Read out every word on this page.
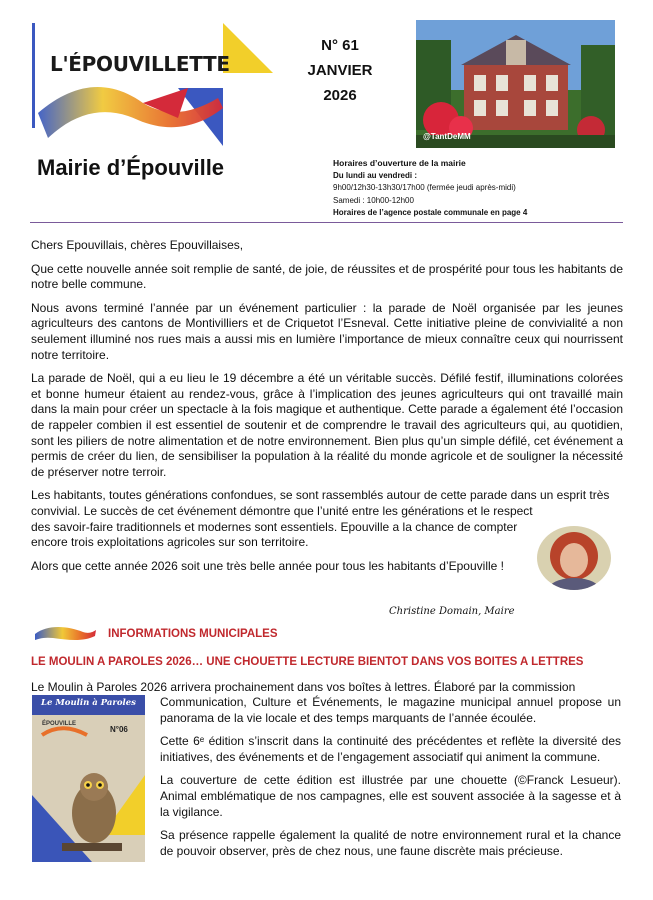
L'ÉPOUVILLETTE
N° 61
JANVIER
2026
@TantDeMM
Mairie d’Épouville	Horaires d’ouverture de la mairie
Du lundi au vendredi :
9h00/12h30-13h30/17h00 (fermée jeudi après-midi)
Samedi : 10h00-12h00
Horaires de l’agence postale communale en page 4

Chers Epouvillais, chères Epouvillaises,

Que cette nouvelle année soit remplie de santé, de joie, de réussites et de prospérité pour tous les habitants de notre belle commune.

Nous avons terminé l’année par un événement particulier : la parade de Noël organisée par les jeunes agriculteurs des cantons de Montivilliers et de Criquetot l’Esneval. Cette initiative pleine de convivialité a non seulement illuminé nos rues mais a aussi mis en lumière l’importance de mieux connaître ceux qui nourrissent notre territoire.

La parade de Noël, qui a eu lieu le 19 décembre a été un véritable succès. Défilé festif, illuminations colorées et bonne humeur étaient au rendez-vous, grâce à l’implication des jeunes agriculteurs qui ont travaillé main dans la main pour créer un spectacle à la fois magique et authentique. Cette parade a également été l’occasion de rappeler combien il est essentiel de soutenir et de comprendre le travail des agriculteurs qui, au quotidien, sont les piliers de notre alimentation et de notre environnement. Bien plus qu’un simple défilé, cet événement a permis de créer du lien, de sensibiliser la population à la réalité du monde agricole et de souligner la nécessité de préserver notre terroir.

Les habitants, toutes générations confondues, se sont rassemblés autour de cette parade dans un esprit très
convivial. Le succès de cet événement démontre que l’unité entre les générations et le respect
des savoir-faire traditionnels et modernes sont essentiels. Epouville a la chance de compter
encore trois exploitations agricoles sur son territoire.

Alors que cette année 2026 soit une très belle année pour tous les habitants d’Epouville !

Christine Domain, Maire
INFORMATIONS MUNICIPALES
LE MOULIN A PAROLES 2026… UNE CHOUETTE LECTURE BIENTOT DANS VOS BOITES A LETTRES
Le Moulin à Paroles 2026 arrivera prochainement dans vos boîtes à lettres. Élaboré par la commission
Le Moulin à Paroles
ÉPOUVILLE
N°06

Communication, Culture et Événements, le magazine municipal annuel propose un panorama de la vie locale et des temps marquants de l’année écoulée.

Cette 6ᵉ édition s’inscrit dans la continuité des précédentes et reflète la diversité des initiatives, des événements et de l’engagement associatif qui animent la commune.

La couverture de cette édition est illustrée par une chouette (©Franck Lesueur). Animal emblématique de nos campagnes, elle est souvent associée à la sagesse et à la vigilance.

Sa présence rappelle également la qualité de notre environnement rural et la chance de pouvoir observer, près de chez nous, une faune discrète mais précieuse.
